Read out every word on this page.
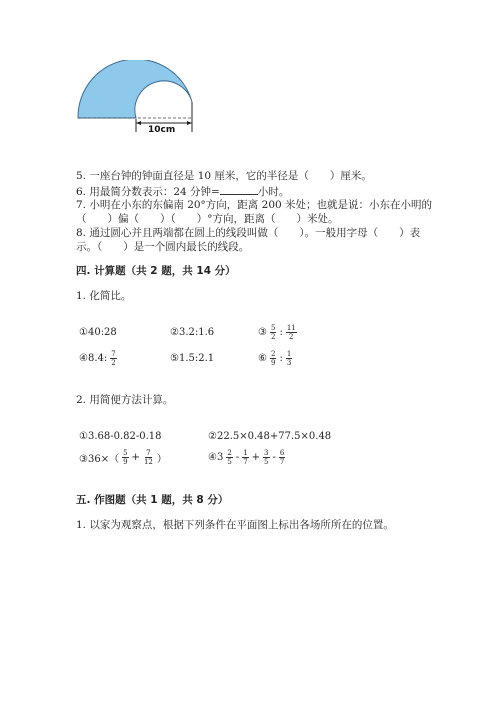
10cm
5. 一座台钟的钟面直径是 10 厘米，它的半径是（　　）厘米。
6. 用最简分数表示：24 分钟=	小时。
7. 小明在小东的东偏南 20°方向，距离 200 米处；也就是说：小东在小明的
（　　）偏（　　）（　　）°方向，距离（　　）米处。
8. 通过圆心并且两端都在圆上的线段叫做（　　）。一般用字母（　　）表
示。（　　）是一个圆内最长的线段。
四. 计算题（共 2 题，共 14 分）
1. 化简比。
①40:28	②3.2:1.6	③ $\frac{5}{2}$ : $\frac{11}{2}$
④8.4: $\frac{7}{2}$	⑤1.5:2.1	⑥ $\frac{2}{9}$ : $\frac{1}{3}$
2. 用简便方法计算。
①3.68-0.82-0.18	②22.5×0.48+77.5×0.48
③36×（ $\frac{5}{9} + \frac{7}{12}$ ）	④3 $\frac{2}{5} - \frac{1}{7} + \frac{3}{5} - \frac{6}{7}$
五. 作图题（共 1 题，共 8 分）
1. 以家为观察点，根据下列条件在平面图上标出各场所所在的位置。
